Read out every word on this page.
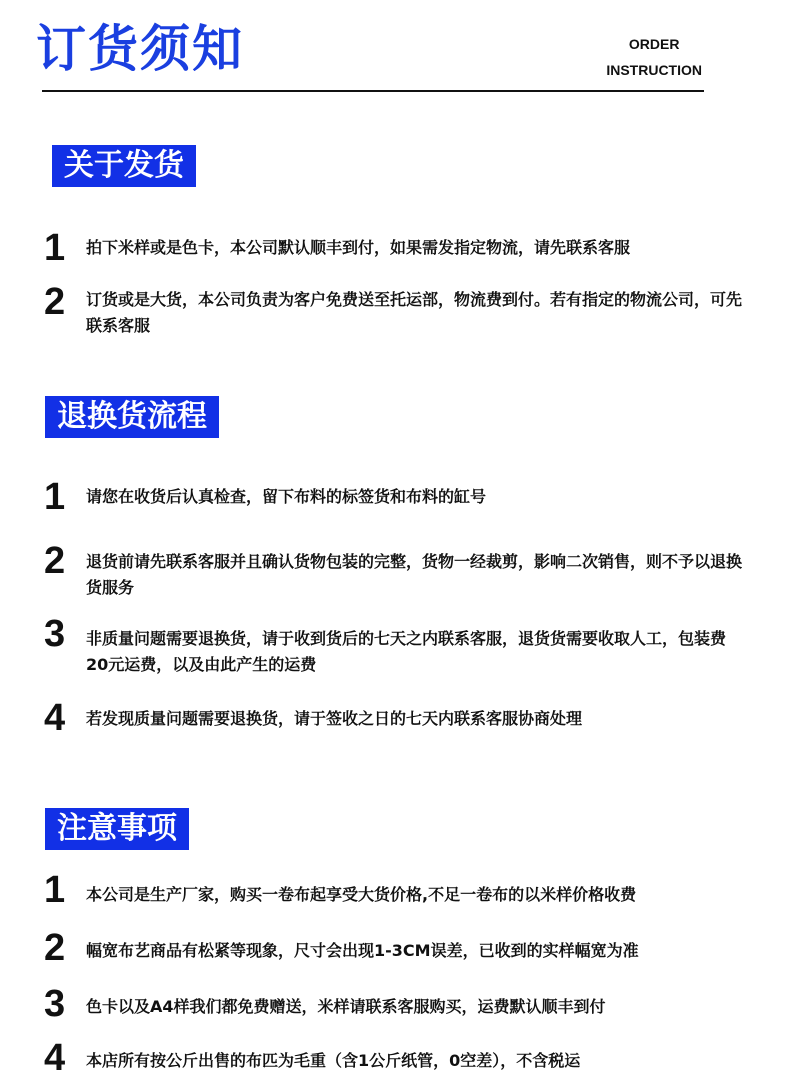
订货须知	ORDER
INSTRUCTION
关于发货
1	拍下米样或是色卡，本公司默认顺丰到付，如果需发指定物流，请先联系客服
2	订货或是大货，本公司负责为客户免费送至托运部，物流费到付。若有指定的物流公司，可先联系客服
退换货流程
1	请您在收货后认真检查，留下布料的标签货和布料的缸号
2	退货前请先联系客服并且确认货物包装的完整，货物一经裁剪，影响二次销售，则不予以退换货服务
3	非质量问题需要退换货，请于收到货后的七天之内联系客服，退货货需要收取人工，包装费20元运费，以及由此产生的运费
4	若发现质量问题需要退换货，请于签收之日的七天内联系客服协商处理
注意事项
1	本公司是生产厂家，购买一卷布起享受大货价格,不足一卷布的以米样价格收费
2	幅宽布艺商品有松紧等现象，尺寸会出现1-3CM误差，已收到的实样幅宽为准
3	色卡以及A4样我们都免费赠送，米样请联系客服购买，运费默认顺丰到付
4	本店所有按公斤出售的布匹为毛重（含1公斤纸管，0空差），不含税运
